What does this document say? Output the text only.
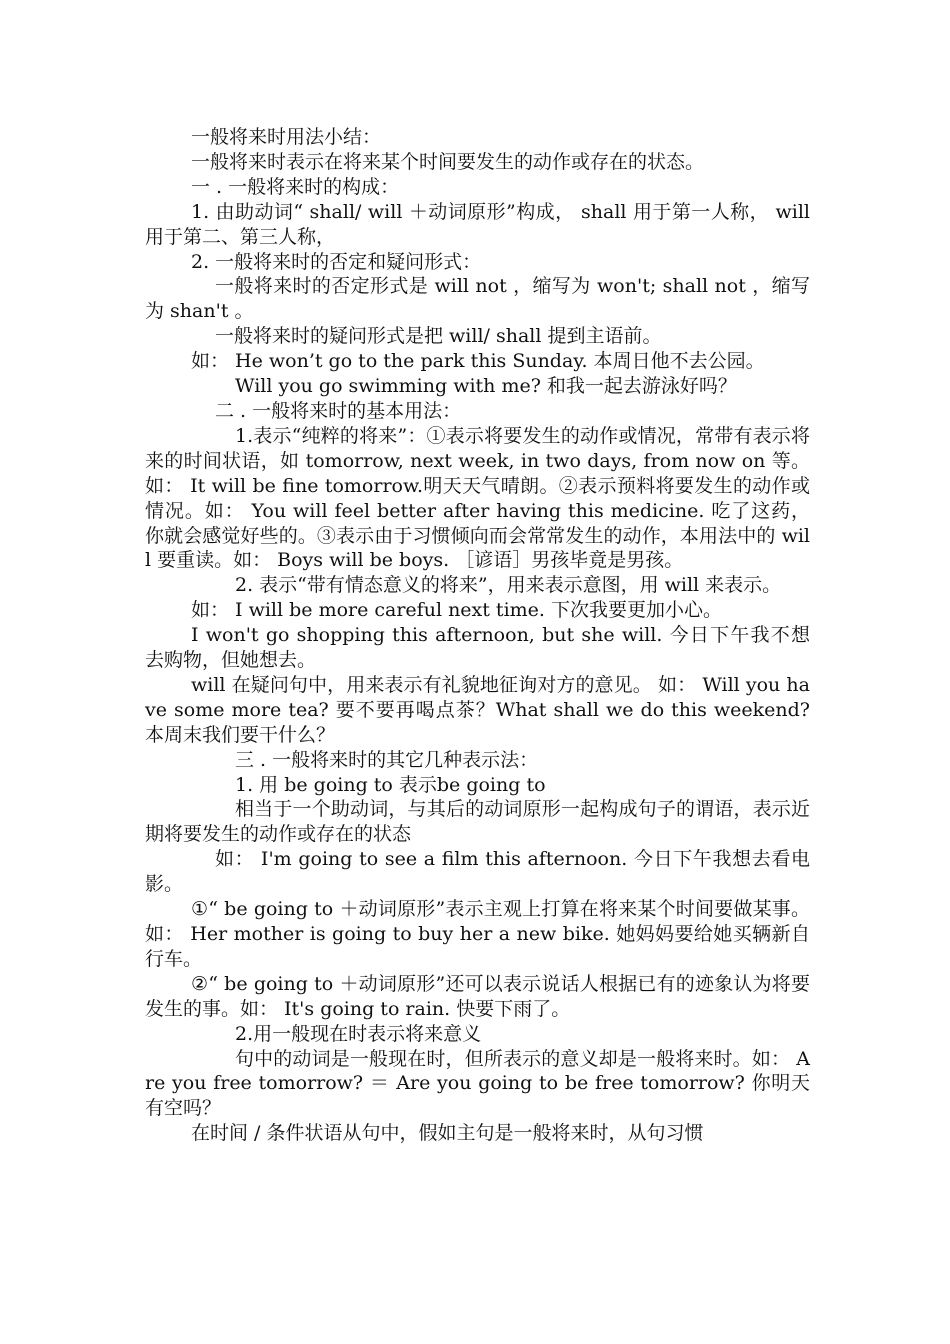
一般将来时用法小结：

一般将来时表示在将来某个时间要发生的动作或存在的状态。

一 . 一般将来时的构成：

1. 由助动词“ shall/ will ＋动词原形”构成， shall 用于第一人称， will 用于第二、第三人称，

2. 一般将来时的否定和疑问形式：

一般将来时的否定形式是 will not ，缩写为 won't; shall not ，缩写为 shan't 。

一般将来时的疑问形式是把 will/ shall 提到主语前。

如： He won’t go to the park this Sunday. 本周日他不去公园。

Will you go swimming with me? 和我一起去游泳好吗？

二 . 一般将来时的基本用法：

1.表示“纯粹的将来”：①表示将要发生的动作或情况，常带有表示将来的时间状语，如 tomorrow, next week, in two days, from now on 等。如： It will be fine tomorrow.明天天气晴朗。②表示预料将要发生的动作或情况。如： You will feel better after having this medicine. 吃了这药，你就会感觉好些的。③表示由于习惯倾向而会常常发生的动作，本用法中的 will 要重读。如： Boys will be boys. ［谚语］男孩毕竟是男孩。

2. 表示“带有情态意义的将来”，用来表示意图，用 will 来表示。

如： I will be more careful next time. 下次我要更加小心。

I won't go shopping this afternoon, but she will. 今日下午我不想去购物，但她想去。

will 在疑问句中，用来表示有礼貌地征询对方的意见。 如： Will you have some more tea? 要不要再喝点茶？What shall we do this weekend? 本周末我们要干什么？

三 . 一般将来时的其它几种表示法：

1. 用 be going to 表示be going to

相当于一个助动词，与其后的动词原形一起构成句子的谓语，表示近期将要发生的动作或存在的状态

如： I'm going to see a film this afternoon. 今日下午我想去看电影。

①“ be going to ＋动词原形”表示主观上打算在将来某个时间要做某事。如： Her mother is going to buy her a new bike. 她妈妈要给她买辆新自行车。

②“ be going to ＋动词原形”还可以表示说话人根据已有的迹象认为将要发生的事。如： It's going to rain. 快要下雨了。

2.用一般现在时表示将来意义

句中的动词是一般现在时，但所表示的意义却是一般将来时。如： Are you free tomorrow? ＝ Are you going to be free tomorrow? 你明天有空吗？

在时间 / 条件状语从句中，假如主句是一般将来时，从句习惯
